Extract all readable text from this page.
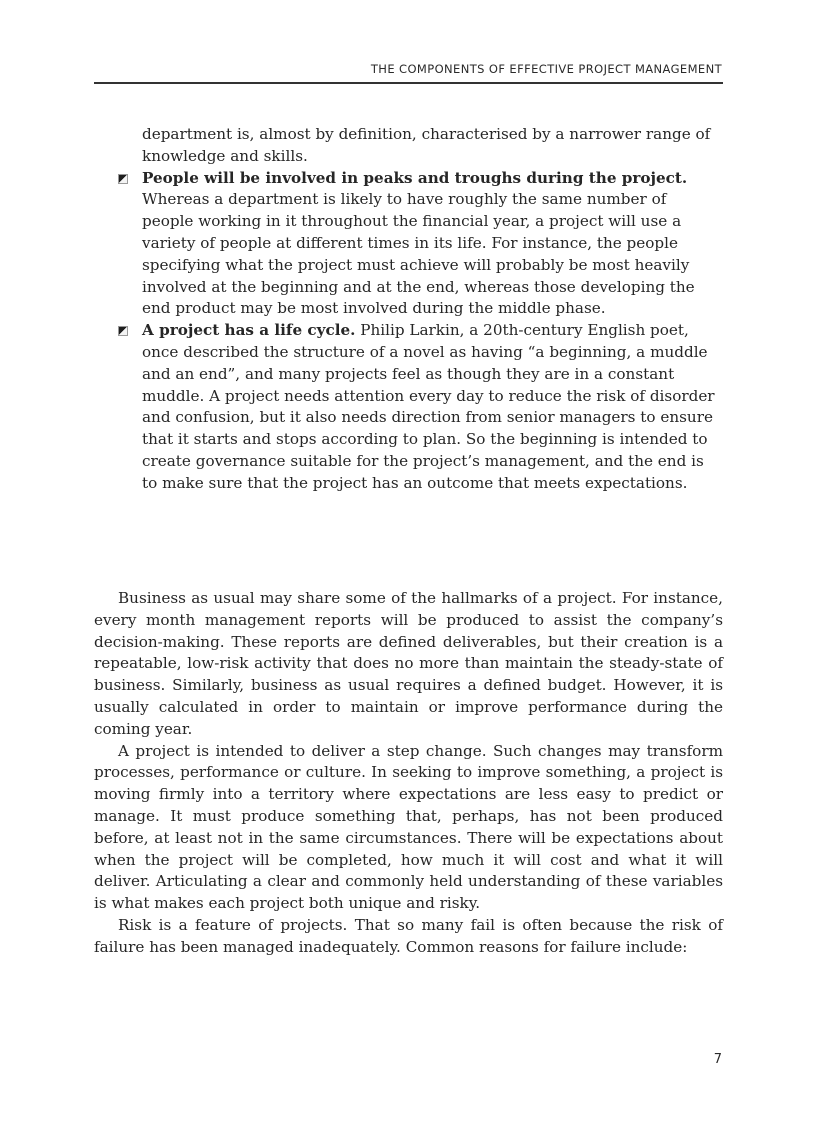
THE COMPONENTS OF EFFECTIVE PROJECT MANAGEMENT

department is, almost by definition, characterised by a narrower range of knowledge and skills.

People will be involved in peaks and troughs during the project. Whereas a department is likely to have roughly the same number of people working in it throughout the financial year, a project will use a variety of people at different times in its life. For instance, the people specifying what the project must achieve will probably be most heavily involved at the beginning and at the end, whereas those developing the end product may be most involved during the middle phase.

A project has a life cycle. Philip Larkin, a 20th-century English poet, once described the structure of a novel as having “a beginning, a muddle and an end”, and many projects feel as though they are in a constant muddle. A project needs attention every day to reduce the risk of disorder and confusion, but it also needs direction from senior managers to ensure that it starts and stops according to plan. So the beginning is intended to create governance suitable for the project’s management, and the end is to make sure that the project has an outcome that meets expectations.

Business as usual may share some of the hallmarks of a project. For instance, every month management reports will be produced to assist the company’s decision-making. These reports are defined deliverables, but their creation is a repeatable, low-risk activity that does no more than maintain the steady-state of business. Similarly, business as usual requires a defined budget. However, it is usually calculated in order to maintain or improve performance during the coming year.

A project is intended to deliver a step change. Such changes may transform processes, performance or culture. In seeking to improve something, a project is moving firmly into a territory where expectations are less easy to predict or manage. It must produce something that, perhaps, has not been produced before, at least not in the same circumstances. There will be expectations about when the project will be completed, how much it will cost and what it will deliver. Articulating a clear and commonly held understanding of these variables is what makes each project both unique and risky.

Risk is a feature of projects. That so many fail is often because the risk of failure has been managed inadequately. Common reasons for failure include:

7
